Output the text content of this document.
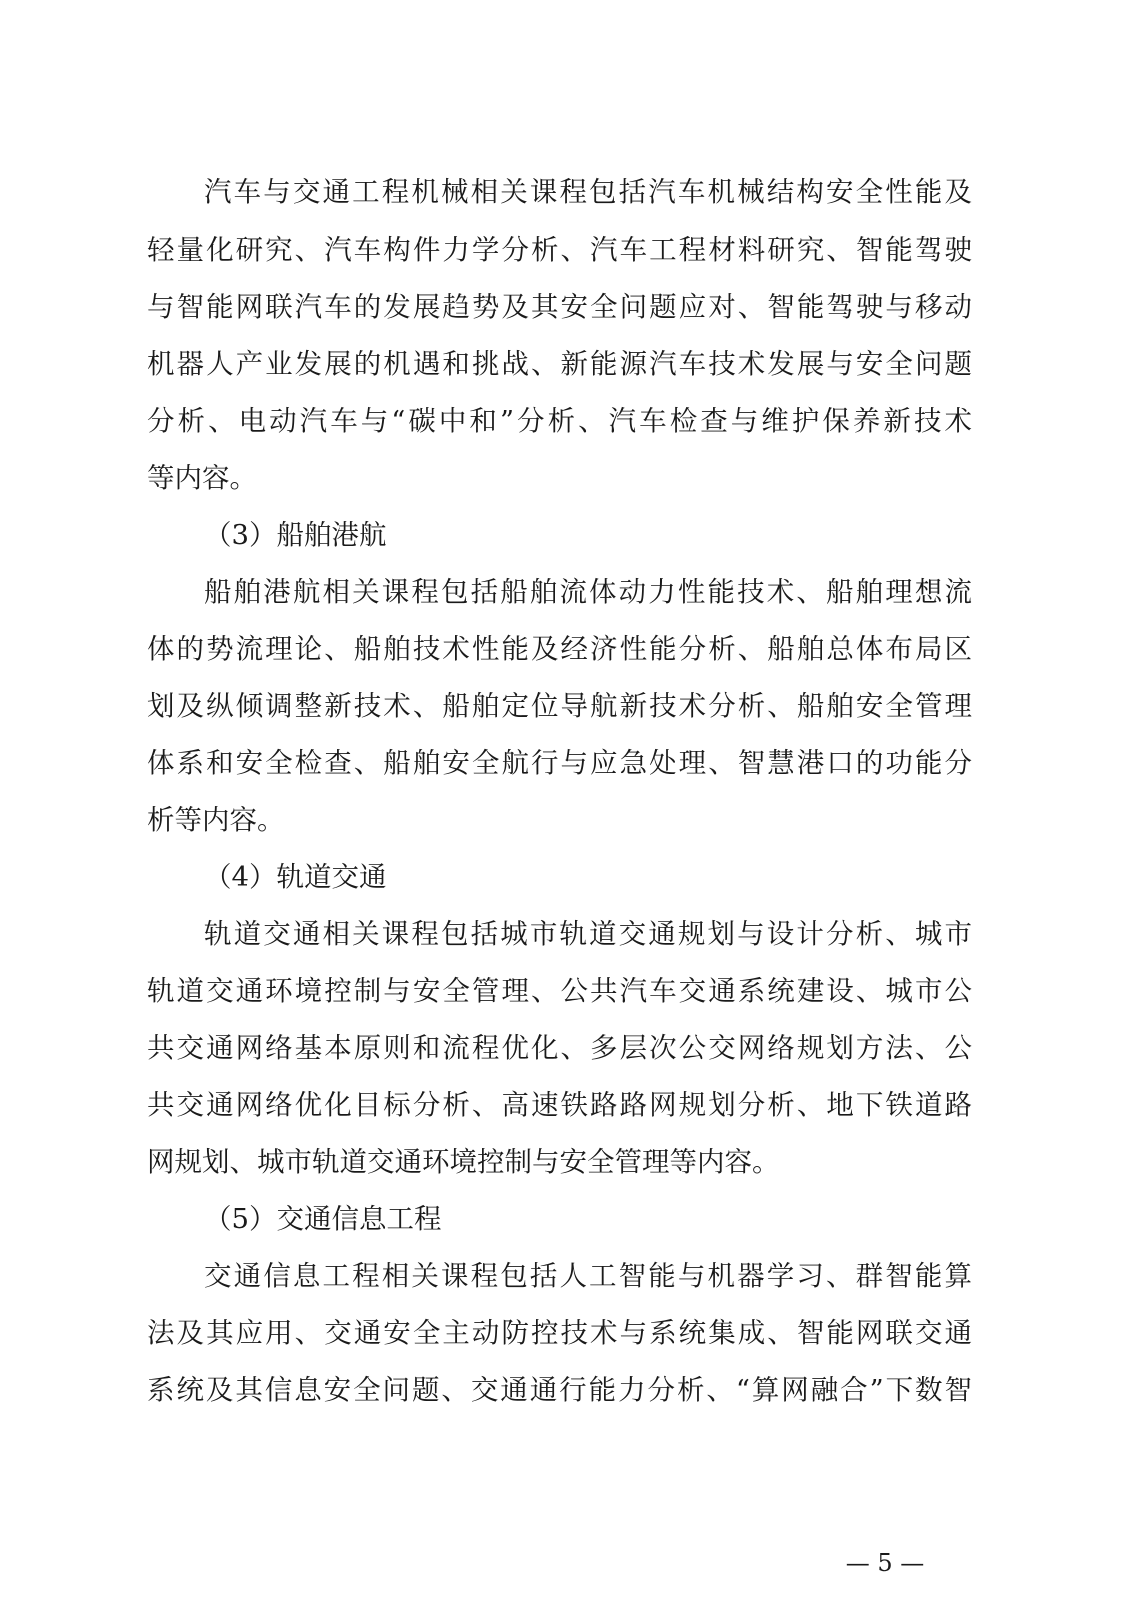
汽车与交通工程机械相关课程包括汽车机械结构安全性能及
轻量化研究、汽车构件力学分析、汽车工程材料研究、智能驾驶
与智能网联汽车的发展趋势及其安全问题应对、智能驾驶与移动
机器人产业发展的机遇和挑战、新能源汽车技术发展与安全问题
分析、电动汽车与“碳中和”分析、汽车检查与维护保养新技术
等内容。
（3）船舶港航
船舶港航相关课程包括船舶流体动力性能技术、船舶理想流
体的势流理论、船舶技术性能及经济性能分析、船舶总体布局区
划及纵倾调整新技术、船舶定位导航新技术分析、船舶安全管理
体系和安全检查、船舶安全航行与应急处理、智慧港口的功能分
析等内容。
（4）轨道交通
轨道交通相关课程包括城市轨道交通规划与设计分析、城市
轨道交通环境控制与安全管理、公共汽车交通系统建设、城市公
共交通网络基本原则和流程优化、多层次公交网络规划方法、公
共交通网络优化目标分析、高速铁路路网规划分析、地下铁道路
网规划、城市轨道交通环境控制与安全管理等内容。
（5）交通信息工程
交通信息工程相关课程包括人工智能与机器学习、群智能算
法及其应用、交通安全主动防控技术与系统集成、智能网联交通
系统及其信息安全问题、交通通行能力分析、“算网融合”下数智
— 5 —
